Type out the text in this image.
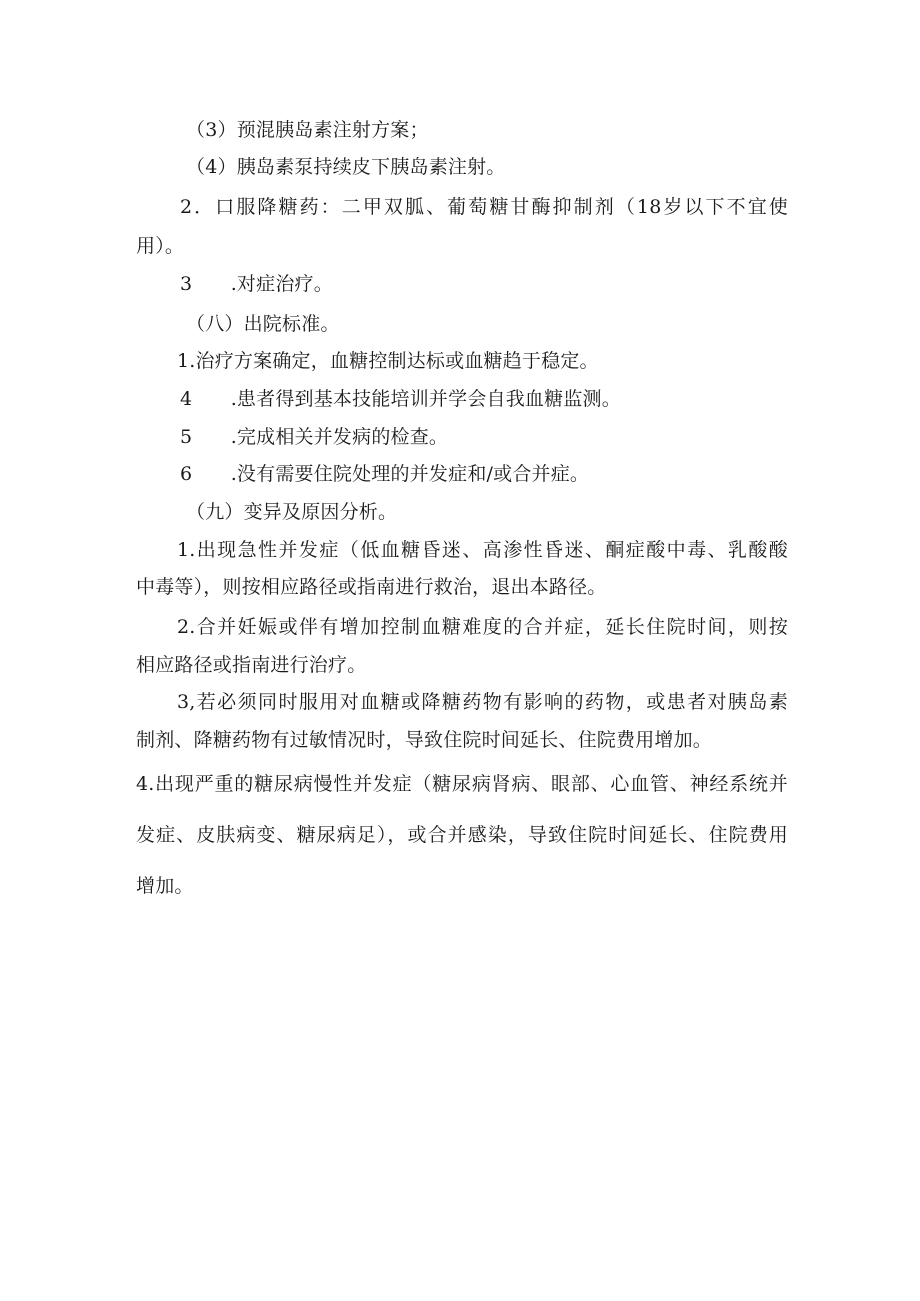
（3）预混胰岛素注射方案；
（4）胰岛素泵持续皮下胰岛素注射。
2．口服降糖药：二甲双胍、葡萄糖甘酶抑制剂（18岁以下不宜使
用）。
3　　.对症治疗。
（八）出院标准。
1.治疗方案确定，血糖控制达标或血糖趋于稳定。
4　　.患者得到基本技能培训并学会自我血糖监测。
5　　.完成相关并发病的检查。
6　　.没有需要住院处理的并发症和/或合并症。
（九）变异及原因分析。
1.出现急性并发症（低血糖昏迷、高渗性昏迷、酮症酸中毒、乳酸酸
中毒等），则按相应路径或指南进行救治，退出本路径。
2.合并妊娠或伴有增加控制血糖难度的合并症，延长住院时间，则按
相应路径或指南进行治疗。
3,若必须同时服用对血糖或降糖药物有影响的药物，或患者对胰岛素
制剂、降糖药物有过敏情况时，导致住院时间延长、住院费用增加。
4.出现严重的糖尿病慢性并发症（糖尿病肾病、眼部、心血管、神经系统并
发症、皮肤病变、糖尿病足），或合并感染，导致住院时间延长、住院费用
增加。
